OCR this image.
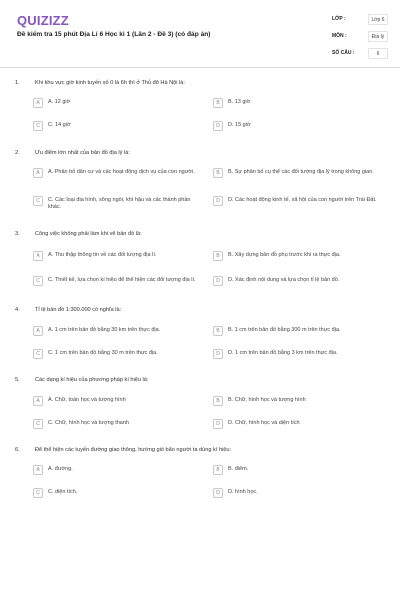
QUIZIZZ
Đề kiểm tra 15 phút Địa Lí 6 Học kì 1 (Lần 2 - Đề 3) (có đáp án)
LỚP :	Lớp 6
MÔN :	Địa lý
SỐ CÂU :	6
1.	Khi khu vực giờ kinh tuyến số 0 là 6h thì ở Thủ đô Hà Nội là:
A	A. 12 giờ	B	B. 13 giờ
C	C. 14 giờ	D	D. 15 giờ
2.	Ưu điểm lớn nhất của bản đồ địa lý là:
A	A. Phân bố dân cư và các hoạt động dịch vụ của con người.	B	B. Sự phân bố cụ thể các đối tượng địa lý trong không gian.
C	C. Các loại địa hình, sông ngòi, khí hậu và các thành phần khác.
D	D. Các hoạt động kinh tế, xã hội của con người trên Trái Đất.
3.	Công việc không phải làm khi vẽ bản đồ là:
A	A. Thu thập thông tin về các đối tượng địa lí.	B	B. Xây dựng bản đồ phụ trước khi ra thực địa.
C	C. Thiết kế, lựa chọn kí hiệu để thể hiện các đối tượng địa lí.	D	D. Xác định nội dung và lựa chọn tỉ lệ bản đồ.
4.	Tỉ lệ bản đồ 1:300.000 có nghĩa là:
A	A. 1 cm trên bản đồ bằng 30 km trên thực địa.	B	B. 1 cm trên bản đồ bằng 300 m trên thực địa.
C	C. 1 cm trên bản đồ bằng 30 m trên thực địa.	D	D. 1 cm trên bản đồ bằng 3 km trên thực địa.
5.	Các dạng kí hiệu của phương pháp kí hiệu là:
A	A. Chữ, toán học và tượng hình	B	B. Chữ, hình học và tượng hình
C	C. Chữ, hình học và tượng thanh	D	D. Chữ, hình học và diện tích
6.	Để thể hiện các tuyến đường giao thông, hướng gió bão người ta dùng kí hiệu:
A	A. đường.	B	B. điểm.
C	C. diện tích.	D	D. hình học.
